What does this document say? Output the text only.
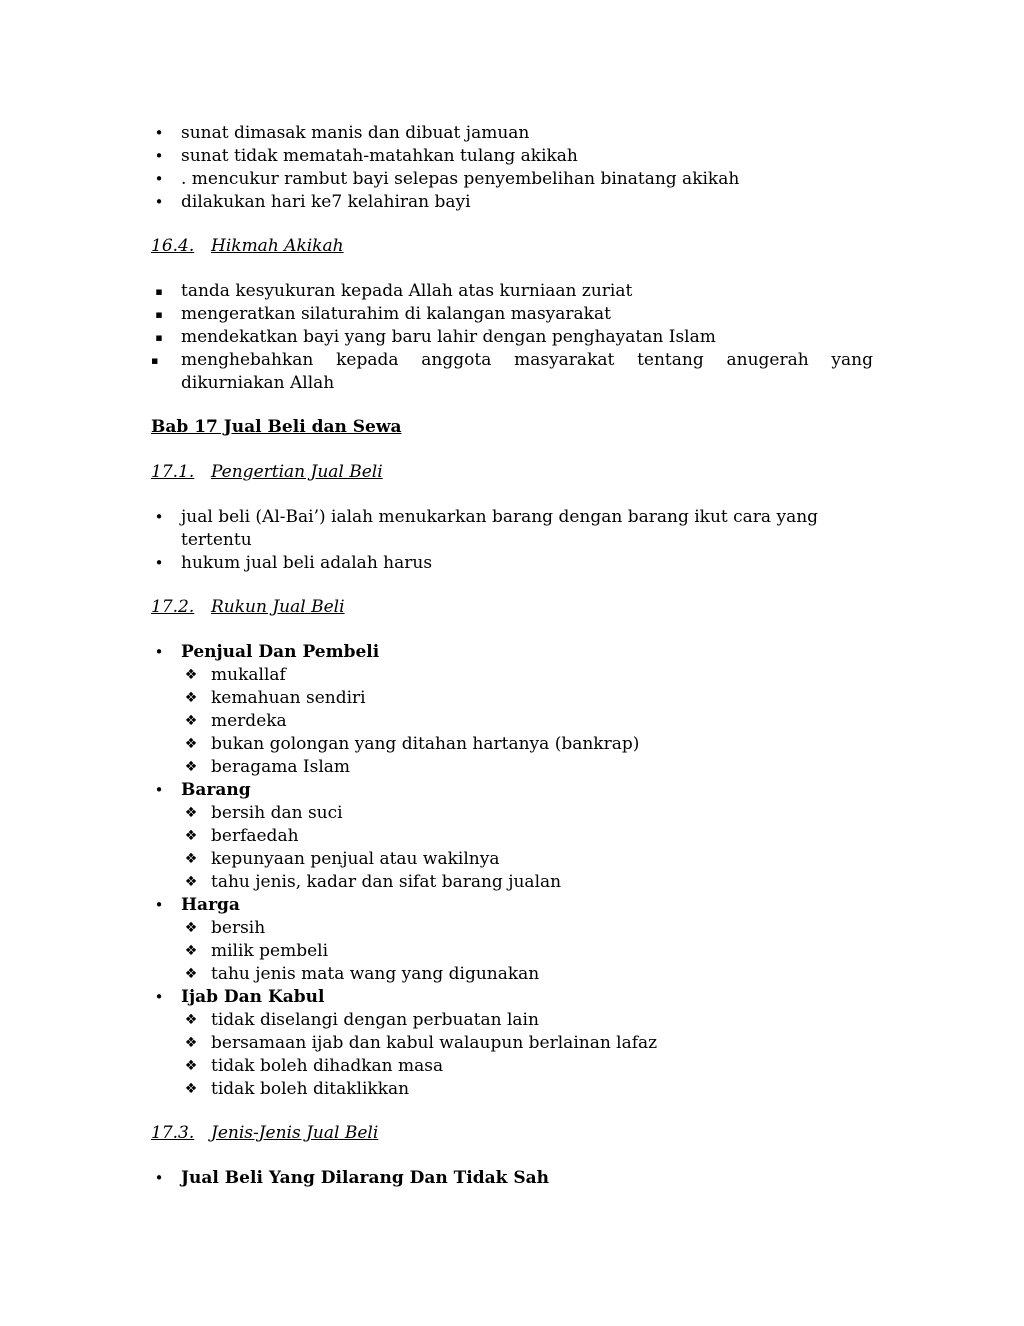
• sunat dimasak manis dan dibuat jamuan
• sunat tidak mematah-matahkan tulang akikah
• . mencukur rambut bayi selepas penyembelihan binatang akikah
• dilakukan hari ke7 kelahiran bayi
16.4. Hikmah Akikah
▪ tanda kesyukuran kepada Allah atas kurniaan zuriat
▪ mengeratkan silaturahim di kalangan masyarakat
▪ mendekatkan bayi yang baru lahir dengan penghayatan Islam
▪	menghebahkan kepada anggota masyarakat tentang anugerah yang dikurniakan Allah
Bab 17 Jual Beli dan Sewa
17.1. Pengertian Jual Beli
• jual beli (Al-Bai’) ialah menukarkan barang dengan barang ikut cara yang tertentu
• hukum jual beli adalah harus
17.2. Rukun Jual Beli
• Penjual Dan Pembeli
❖ mukallaf
❖ kemahuan sendiri
❖ merdeka
❖ bukan golongan yang ditahan hartanya (bankrap)
❖ beragama Islam
• Barang
❖ bersih dan suci
❖ berfaedah
❖ kepunyaan penjual atau wakilnya
❖ tahu jenis, kadar dan sifat barang jualan
• Harga
❖ bersih
❖ milik pembeli
❖ tahu jenis mata wang yang digunakan
• Ijab Dan Kabul
❖ tidak diselangi dengan perbuatan lain
❖ bersamaan ijab dan kabul walaupun berlainan lafaz
❖ tidak boleh dihadkan masa
❖ tidak boleh ditaklikkan
17.3. Jenis-Jenis Jual Beli
• Jual Beli Yang Dilarang Dan Tidak Sah
